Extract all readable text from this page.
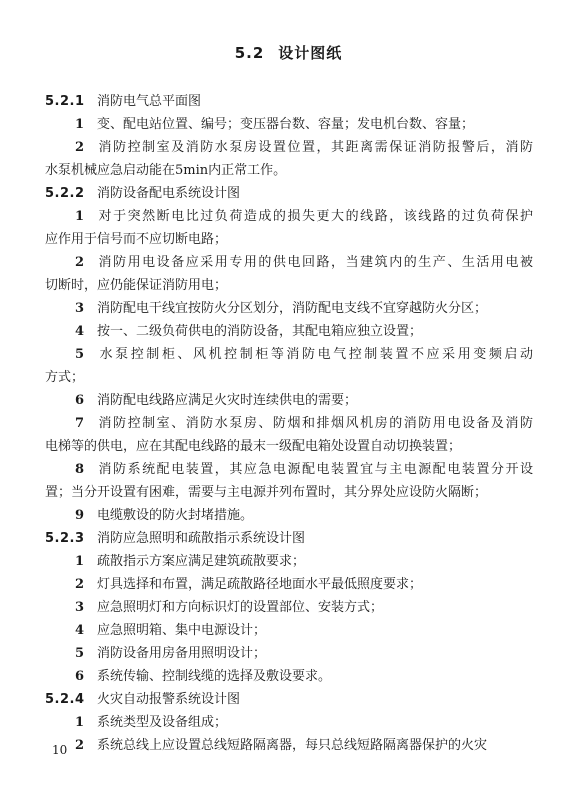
5.2 设计图纸
5.2.1 消防电气总平面图
1 变、配电站位置、编号；变压器台数、容量；发电机台数、容量；
2 消防控制室及消防水泵房设置位置，其距离需保证消防报警后，消防
水泵机械应急启动能在5min内正常工作。
5.2.2 消防设备配电系统设计图
1 对于突然断电比过负荷造成的损失更大的线路，该线路的过负荷保护
应作用于信号而不应切断电路；
2 消防用电设备应采用专用的供电回路，当建筑内的生产、生活用电被
切断时，应仍能保证消防用电；
3 消防配电干线宜按防火分区划分，消防配电支线不宜穿越防火分区；
4 按一、二级负荷供电的消防设备，其配电箱应独立设置；
5 水泵控制柜、风机控制柜等消防电气控制装置不应采用变频启动
方式；
6 消防配电线路应满足火灾时连续供电的需要；
7 消防控制室、消防水泵房、防烟和排烟风机房的消防用电设备及消防
电梯等的供电，应在其配电线路的最末一级配电箱处设置自动切换装置；
8 消防系统配电装置，其应急电源配电装置宜与主电源配电装置分开设
置；当分开设置有困难，需要与主电源并列布置时，其分界处应设防火隔断；
9 电缆敷设的防火封堵措施。
5.2.3 消防应急照明和疏散指示系统设计图
1 疏散指示方案应满足建筑疏散要求；
2 灯具选择和布置，满足疏散路径地面水平最低照度要求；
3 应急照明灯和方向标识灯的设置部位、安装方式；
4 应急照明箱、集中电源设计；
5 消防设备用房备用照明设计；
6 系统传输、控制线缆的选择及敷设要求。
5.2.4 火灾自动报警系统设计图
1 系统类型及设备组成；
2 系统总线上应设置总线短路隔离器，每只总线短路隔离器保护的火灾
10
